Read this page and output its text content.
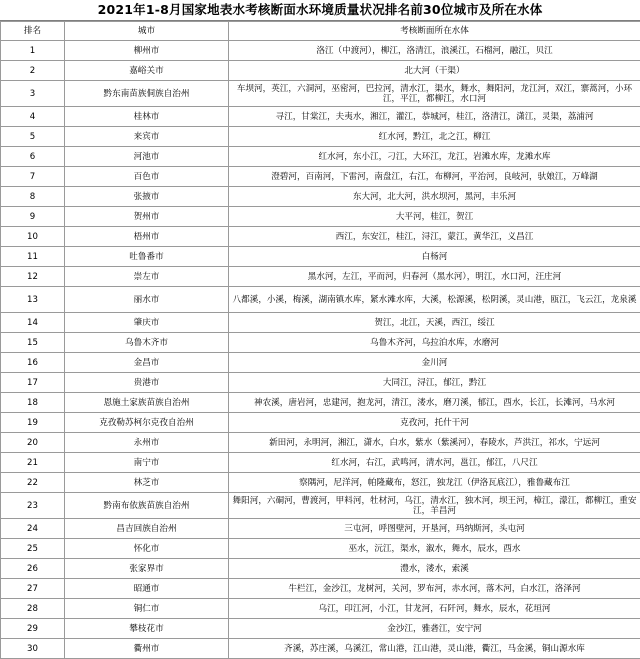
2021年1-8月国家地表水考核断面水环境质量状况排名前30位城市及所在水体
排名	城市	考核断面所在水体
1	柳州市	洛江（中渡河），柳江，洛清江，浪溪江，石榴河，融江，贝江
2	嘉峪关市	北大河（干渠）
3	黔东南苗族侗族自治州	车坝河，英江，六洞河，巫密河，巴拉河，清水江，渠水，舞水，舞阳河，龙江河，双江，寨蒿河，小环江，平江，都柳江，水口河
4	桂林市	寻江，甘棠江，夫夷水，湘江，灌江，恭城河，桂江，洛清江，潇江，灵渠，荔浦河
5	来宾市	红水河，黔江，北之江，柳江
6	河池市	红水河，东小江，刁江，大环江，龙江，岩滩水库，龙滩水库
7	百色市	澄碧河，百南河，下雷河，南盘江，右江，布柳河，平治河，良岐河，驮娘江，万峰湖
8	张掖市	东大河，北大河，洪水坝河，黑河，丰乐河
9	贺州市	大平河，桂江，贺江
10	梧州市	西江，东安江，桂江，浔江，蒙江，黄华江，义昌江
11	吐鲁番市	白杨河
12	崇左市	黑水河，左江，平而河，归春河（黑水河），明江，水口河，汪庄河
13	丽水市	八都溪，小溪，梅溪，湖南镇水库，紧水滩水库，大溪，松源溪，松阴溪，灵山港，瓯江，飞云江，龙泉溪
14	肇庆市	贺江，北江，天溪，西江，绥江
15	乌鲁木齐市	乌鲁木齐河，乌拉泊水库，水磨河
16	金昌市	金川河
17	贵港市	大同江，浔江，郁江，黔江
18	恩施土家族苗族自治州	神农溪，唐岩河，忠建河，抱龙河，清江，溇水，磨刀溪，郁江，酉水，长江，长滩河，马水河
19	克孜勒苏柯尔克孜自治州	克孜河，托什干河
20	永州市	新田河，永明河，湘江，潇水，白水，紫水（紫溪河），春陵水，芦洪江，祁水，宁远河
21	南宁市	红水河，右江，武鸣河，清水河，邕江，郁江，八尺江
22	林芝市	察隅河，尼洋河，帕隆藏布，怒江，独龙江（伊洛瓦底江），雅鲁藏布江
23	黔南布依族苗族自治州	舞阳河，六硐河，曹渡河，甲料河，牡材河，乌江，清水江，独木河，坝王河，樟江，濛江，都柳江，重安江，羊昌河
24	昌吉回族自治州	三屯河，呼图壁河，开垦河，玛纳斯河，头屯河
25	怀化市	巫水，沅江，渠水，溆水，舞水，辰水，酉水
26	张家界市	澧水，溇水，索溪
27	昭通市	牛栏江，金沙江，龙树河，关河，罗布河，赤水河，落木河，白水江，洛泽河
28	铜仁市	乌江，印江河，小江，甘龙河，石阡河，舞水，辰水，花垣河
29	攀枝花市	金沙江，雅砻江，安宁河
30	衢州市	齐溪，苏庄溪，乌溪江，常山港，江山港，灵山港，衢江，马金溪，铜山源水库
